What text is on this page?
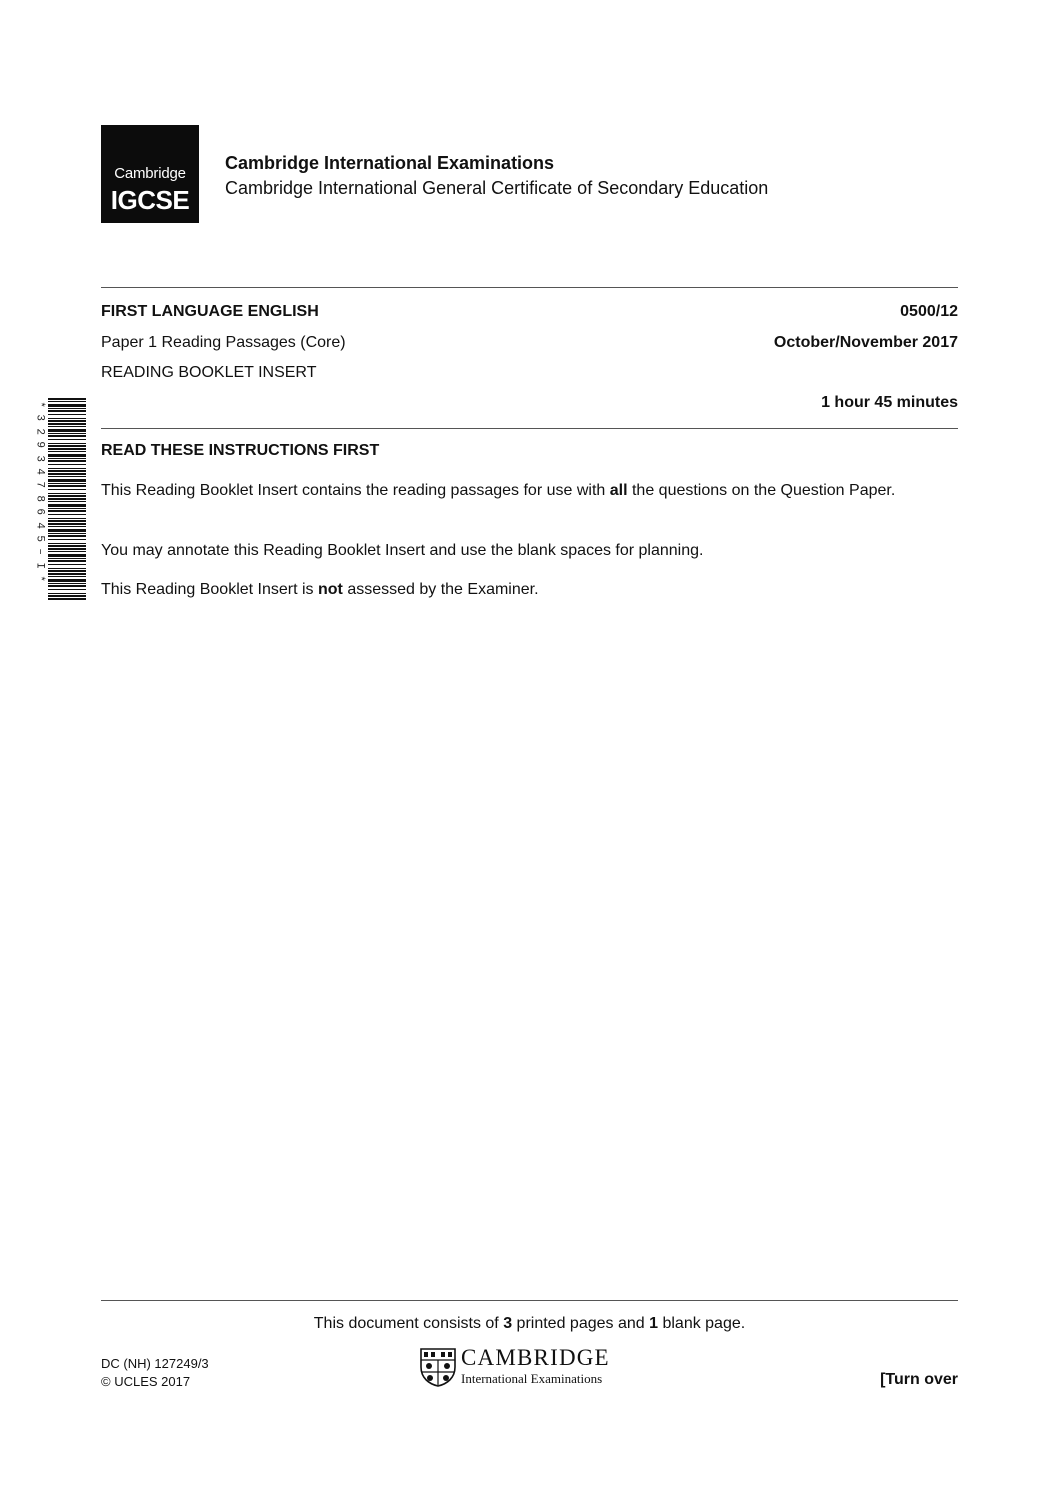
Cambridge
IGCSE
Cambridge International Examinations
Cambridge International General Certificate of Secondary Education
FIRST LANGUAGE ENGLISH	0500/12
Paper 1 Reading Passages (Core)	October/November 2017
READING BOOKLET INSERT
1 hour 45 minutes
READ THESE INSTRUCTIONS FIRST
This Reading Booklet Insert contains the reading passages for use with all the questions on the Question Paper.
You may annotate this Reading Booklet Insert and use the blank spaces for planning.
This Reading Booklet Insert is not assessed by the Examiner.
*
3
2
9
3
4
7
8
6
4
5
–
I
*
This document consists of 3 printed pages and 1 blank page.
DC (NH) 127249/3
© UCLES 2017
CAMBRIDGE
International Examinations	[Turn over
